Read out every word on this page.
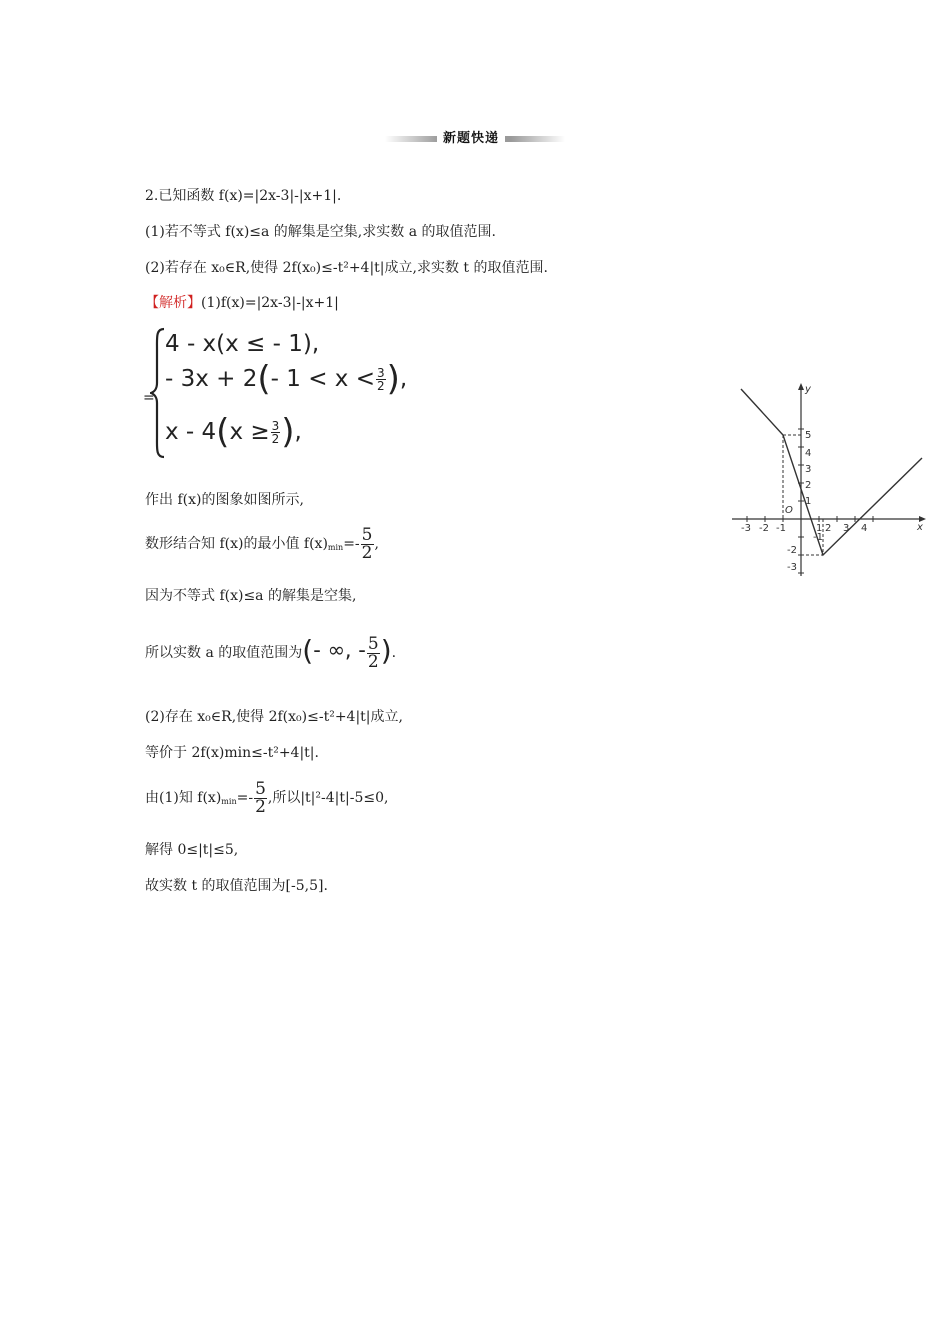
新题快递
2.已知函数 f(x)=|2x-3|-|x+1|.
(1)若不等式 f(x)≤a 的解集是空集,求实数 a 的取值范围.
(2)若存在 x₀∈R,使得 2f(x₀)≤-t²+4|t|成立,求实数 t 的取值范围.
【解析】(1)f(x)=|2x-3|-|x+1|
=
4 - x(x ≤ - 1),
- 3x + 2(- $1 < x < \frac{3}{2}$ ),
$x - 4(x \ge \frac{3}{2}$ ),
作出 f(x)的图象如图所示,
数形结合知 f(x)的最小值 $f(x)_{min}=- \frac{5}{2}$ ,
因为不等式 f(x)≤a 的解集是空集,
所以实数 a 的取值范围为(- ∞, - $\frac{5}{2}$ ).
(2)存在 x₀∈R,使得 2f(x₀)≤-t²+4|t|成立,
等价于 2f(x)min≤-t²+4|t|.
由(1)知 $f(x)_{min}=- \frac{5}{2}$ ,所以|t|²-4|t|-5≤0,
解得 0≤|t|≤5,
故实数 t 的取值范围为[-5,5].
x
y
O
-3 -2 -1	1 2 3 4
5
4
3
2
1
-1
-2
-3
